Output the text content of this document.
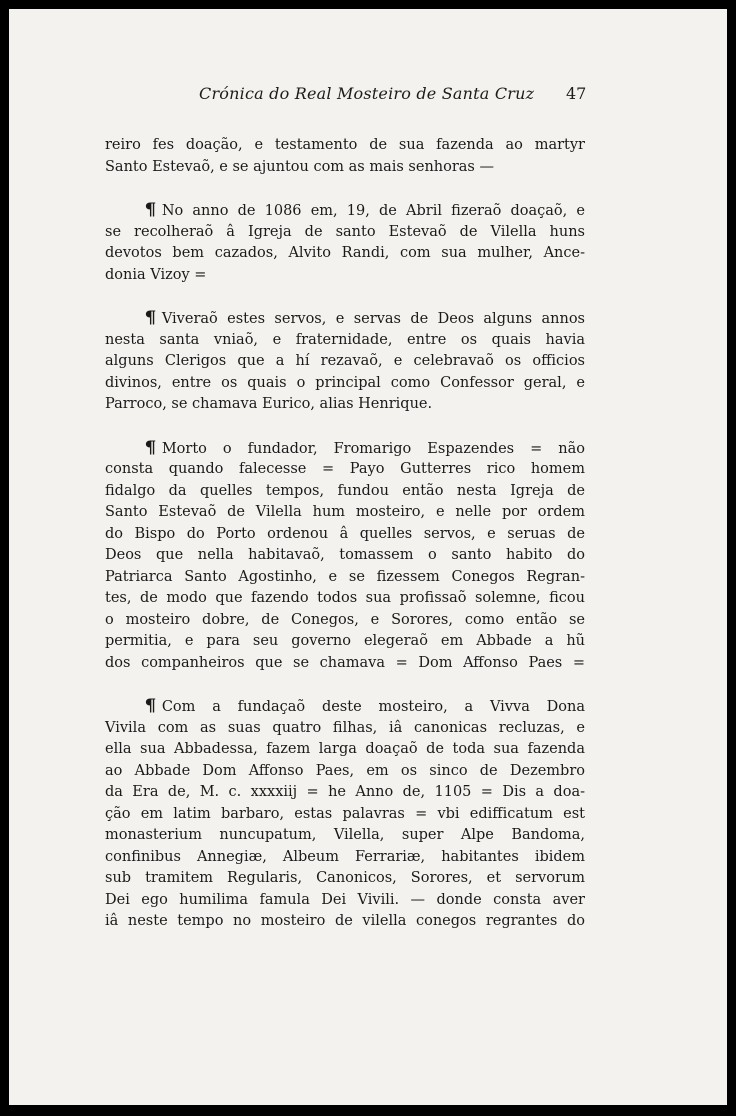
Crónica do Real Mosteiro de Santa Cruz 47

reiro fes doação, e testamento de sua fazenda ao martyr
Santo Estevaõ, e se ajuntou com as mais senhoras —

¶ No anno de 1086 em, 19, de Abril fizeraõ doaçaõ, e
se recolheraõ â Igreja de santo Estevaõ de Vilella huns
devotos bem cazados, Alvito Randi, com sua mulher, Ance-
donia Vizoy =

¶ Viveraõ estes servos, e servas de Deos alguns annos
nesta santa vniaõ, e fraternidade, entre os quais havia
alguns Clerigos que a hí rezavaõ, e celebravaõ os officios
divinos, entre os quais o principal como Confessor geral, e
Parroco, se chamava Eurico, alias Henrique.

¶ Morto o fundador, Fromarigo Espazendes = não
consta quando falecesse = Payo Gutterres rico homem
fidalgo da quelles tempos, fundou então nesta Igreja de
Santo Estevaõ de Vilella hum mosteiro, e nelle por ordem
do Bispo do Porto ordenou â quelles servos, e seruas de
Deos que nella habitavaõ, tomassem o santo habito do
Patriarca Santo Agostinho, e se fizessem Conegos Regran-
tes, de modo que fazendo todos sua profissaõ solemne, ficou
o mosteiro dobre, de Conegos, e Sorores, como então se
permitia, e para seu governo elegeraõ em Abbade a hũ
dos companheiros que se chamava = Dom Affonso Paes =

¶ Com a fundaçaõ deste mosteiro, a Vivva Dona
Vivila com as suas quatro filhas, iâ canonicas recluzas, e
ella sua Abbadessa, fazem larga doaçaõ de toda sua fazenda
ao Abbade Dom Affonso Paes, em os sinco de Dezembro
da Era de, M. c. xxxxiij = he Anno de, 1105 = Dis a doa-
ção em latim barbaro, estas palavras = vbi edifficatum est
monasterium nuncupatum, Vilella, super Alpe Bandoma,
confinibus Annegiæ, Albeum Ferrariæ, habitantes ibidem
sub tramitem Regularis, Canonicos, Sorores, et servorum
Dei ego humilima famula Dei Vivili. — donde consta aver
iâ neste tempo no mosteiro de vilella conegos regrantes do
